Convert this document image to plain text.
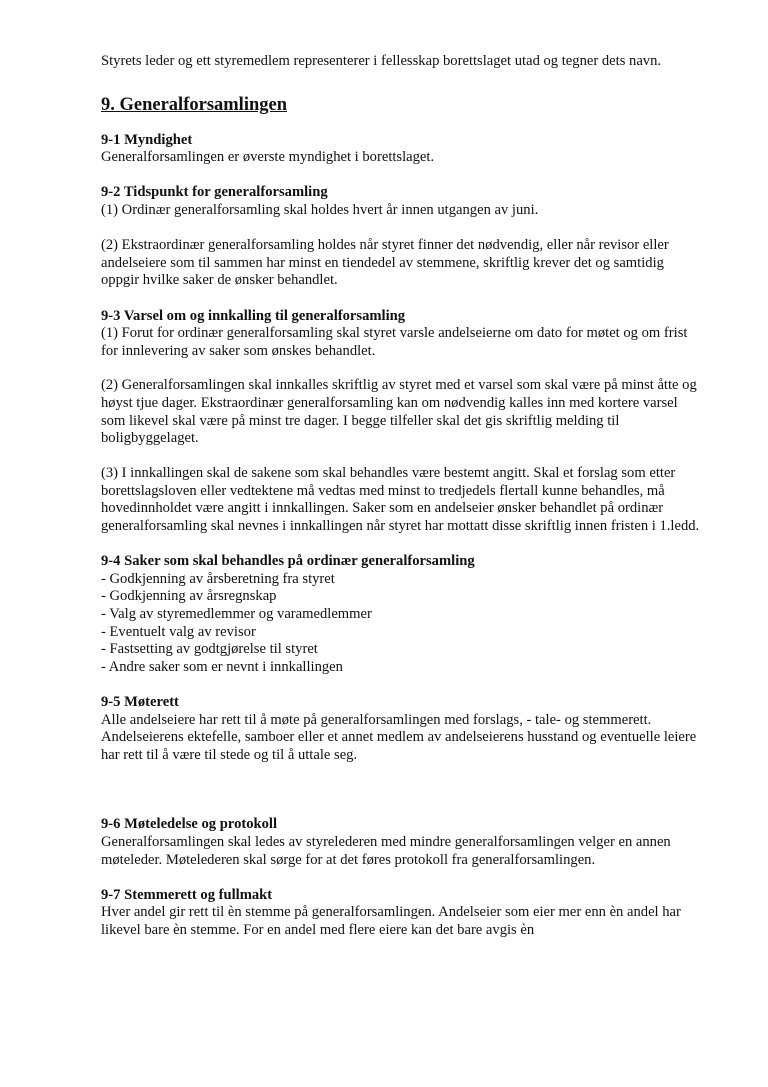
Styrets leder og ett styremedlem representerer i fellesskap borettslaget utad og tegner dets navn.

9. Generalforsamlingen

9-1 Myndighet

Generalforsamlingen er øverste myndighet i borettslaget.

9-2 Tidspunkt for generalforsamling

(1) Ordinær generalforsamling skal holdes hvert år innen utgangen av juni.

(2) Ekstraordinær generalforsamling holdes når styret finner det nødvendig, eller når revisor eller andelseiere som til sammen har minst en tiendedel av stemmene, skriftlig krever det og samtidig oppgir hvilke saker de ønsker behandlet.

9-3 Varsel om og innkalling til generalforsamling

(1) Forut for ordinær generalforsamling skal styret varsle andelseierne om dato for møtet og om frist for innlevering av saker som ønskes behandlet.

(2) Generalforsamlingen skal innkalles skriftlig av styret med et varsel som skal være på minst åtte og høyst tjue dager. Ekstraordinær generalforsamling kan om nødvendig kalles inn med kortere varsel som likevel skal være på minst tre dager. I begge tilfeller skal det gis skriftlig melding til boligbyggelaget.

(3) I innkallingen skal de sakene som skal behandles være bestemt angitt. Skal et forslag som etter borettslagsloven eller vedtektene må vedtas med minst to tredjedels flertall kunne behandles, må hovedinnholdet være angitt i innkallingen. Saker som en andelseier ønsker behandlet på ordinær generalforsamling skal nevnes i innkallingen når styret har mottatt disse skriftlig innen fristen i 1.ledd.

9-4 Saker som skal behandles på ordinær generalforsamling

- Godkjenning av årsberetning fra styret
- Godkjenning av årsregnskap
- Valg av styremedlemmer og varamedlemmer
- Eventuelt valg av revisor
- Fastsetting av godtgjørelse til styret
- Andre saker som er nevnt i innkallingen

9-5 Møterett

Alle andelseiere har rett til å møte på generalforsamlingen med forslags, - tale- og stemmerett. Andelseierens ektefelle, samboer eller et annet medlem av andelseierens husstand og eventuelle leiere har rett til å være til stede og til å uttale seg.

9-6 Møteledelse og protokoll

Generalforsamlingen skal ledes av styrelederen med mindre generalforsamlingen velger en annen møteleder. Møtelederen skal sørge for at det føres protokoll fra generalforsamlingen.

9-7 Stemmerett og fullmakt

Hver andel gir rett til èn stemme på generalforsamlingen. Andelseier som eier mer enn èn andel har likevel bare èn stemme. For en andel med flere eiere kan det bare avgis èn
